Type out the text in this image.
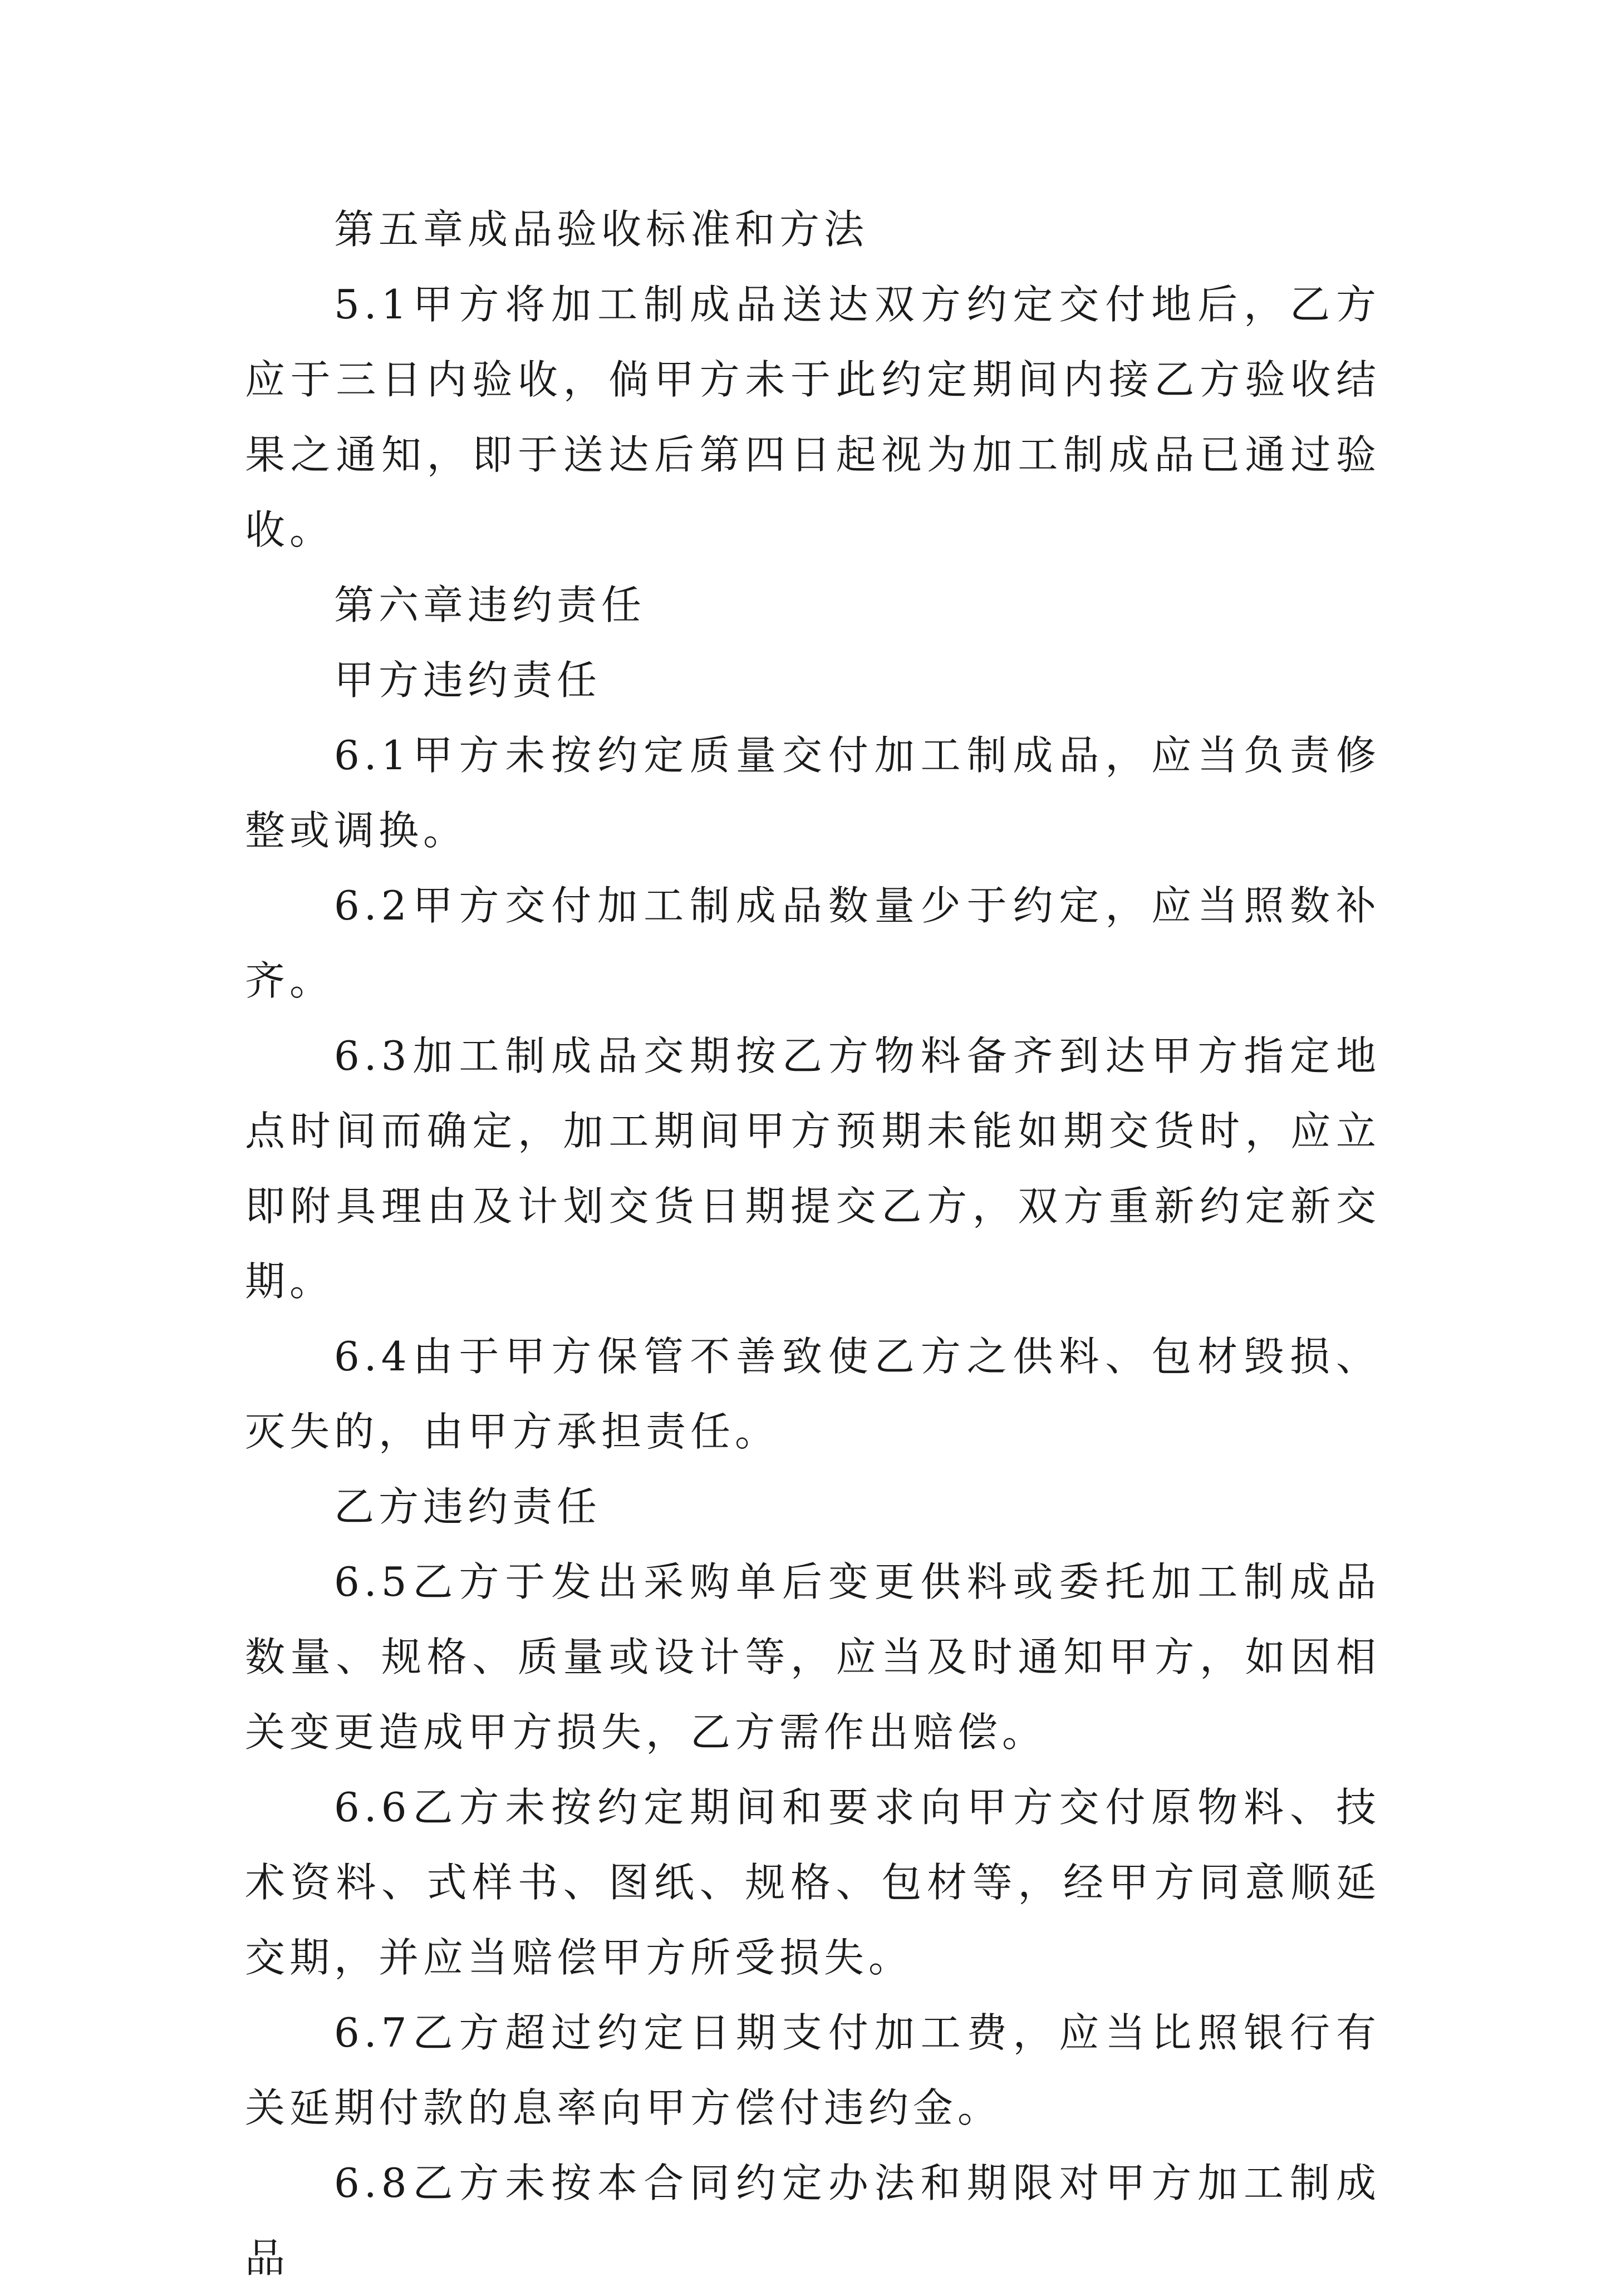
第五章成品验收标准和方法

5.1甲方将加工制成品送达双方约定交付地后，乙方应于三日内验收，倘甲方未于此约定期间内接乙方验收结果之通知，即于送达后第四日起视为加工制成品已通过验收。

第六章违约责任

甲方违约责任

6.1甲方未按约定质量交付加工制成品，应当负责修整或调换。

6.2甲方交付加工制成品数量少于约定，应当照数补齐。

6.3加工制成品交期按乙方物料备齐到达甲方指定地点时间而确定，加工期间甲方预期未能如期交货时，应立即附具理由及计划交货日期提交乙方，双方重新约定新交期。

6.4由于甲方保管不善致使乙方之供料、包材毁损、灭失的，由甲方承担责任。

乙方违约责任

6.5乙方于发出采购单后变更供料或委托加工制成品数量、规格、质量或设计等，应当及时通知甲方，如因相关变更造成甲方损失，乙方需作出赔偿。

6.6乙方未按约定期间和要求向甲方交付原物料、技术资料、式样书、图纸、规格、包材等，经甲方同意顺延交期，并应当赔偿甲方所受损失。

6.7乙方超过约定日期支付加工费，应当比照银行有关延期付款的息率向甲方偿付违约金。

6.8乙方未按本合同约定办法和期限对甲方加工制成品
